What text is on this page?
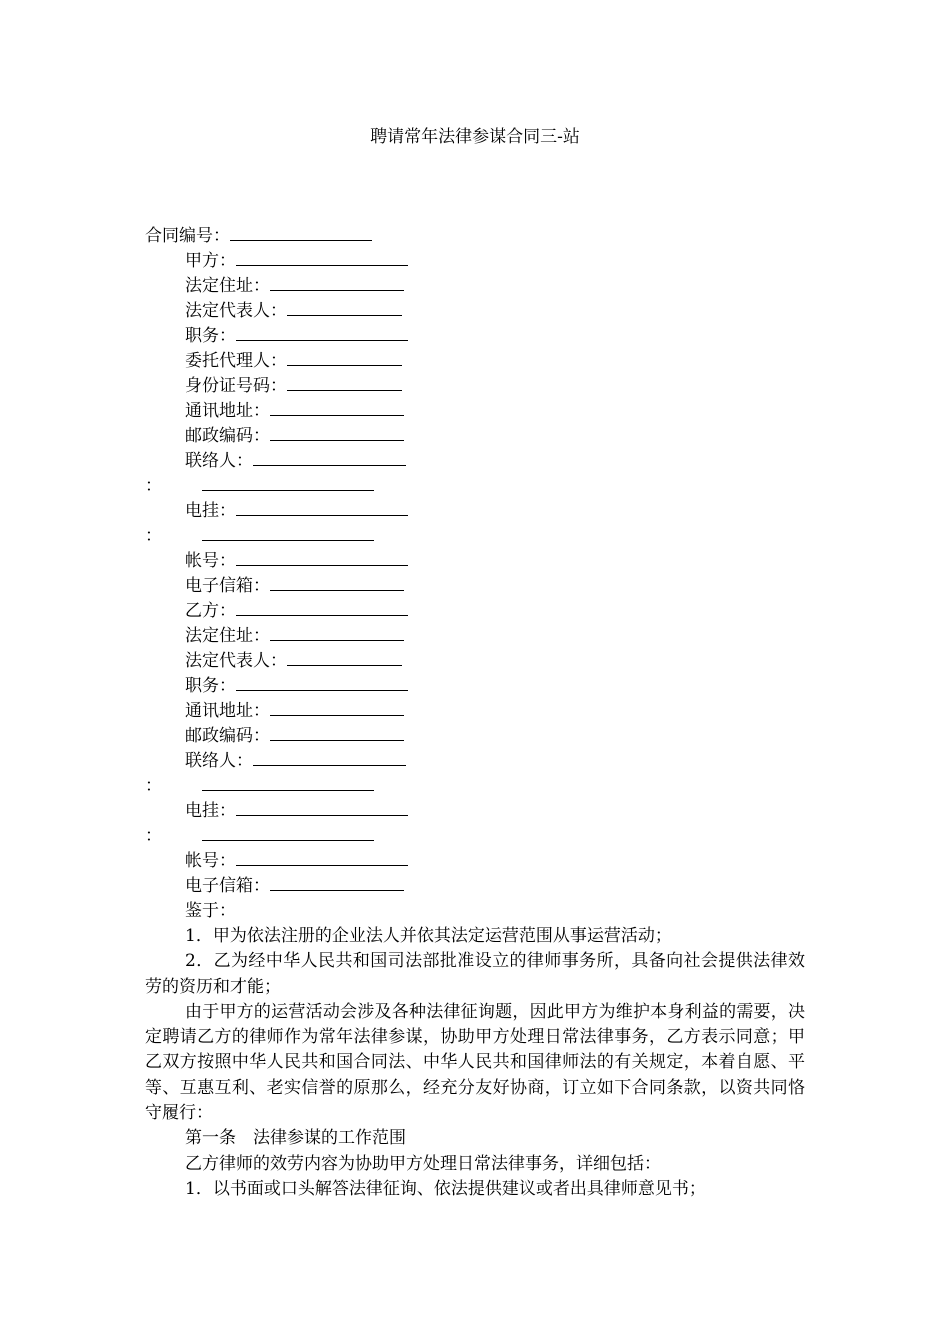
聘请常年法律参谋合同三-站
合同编号：
甲方：
法定住址：
法定代表人：
职务：
委托代理人：
身份证号码：
通讯地址：
邮政编码：
联络人：
：
电挂：
：
帐号：
电子信箱：
乙方：
法定住址：
法定代表人：
职务：
通讯地址：
邮政编码：
联络人：
：
电挂：
：
帐号：
电子信箱：
鉴于：
1．甲为依法注册的企业法人并依其法定运营范围从事运营活动；
2．乙为经中华人民共和国司法部批准设立的律师事务所，具备向社会提供法律效劳的资历和才能；
由于甲方的运营活动会涉及各种法律征询题，因此甲方为维护本身利益的需要，决定聘请乙方的律师作为常年法律参谋，协助甲方处理日常法律事务，乙方表示同意；甲乙双方按照中华人民共和国合同法、中华人民共和国律师法的有关规定，本着自愿、平等、互惠互利、老实信誉的原那么，经充分友好协商，订立如下合同条款，以资共同恪守履行：
第一条　法律参谋的工作范围
乙方律师的效劳内容为协助甲方处理日常法律事务，详细包括：
1．以书面或口头解答法律征询、依法提供建议或者出具律师意见书；
